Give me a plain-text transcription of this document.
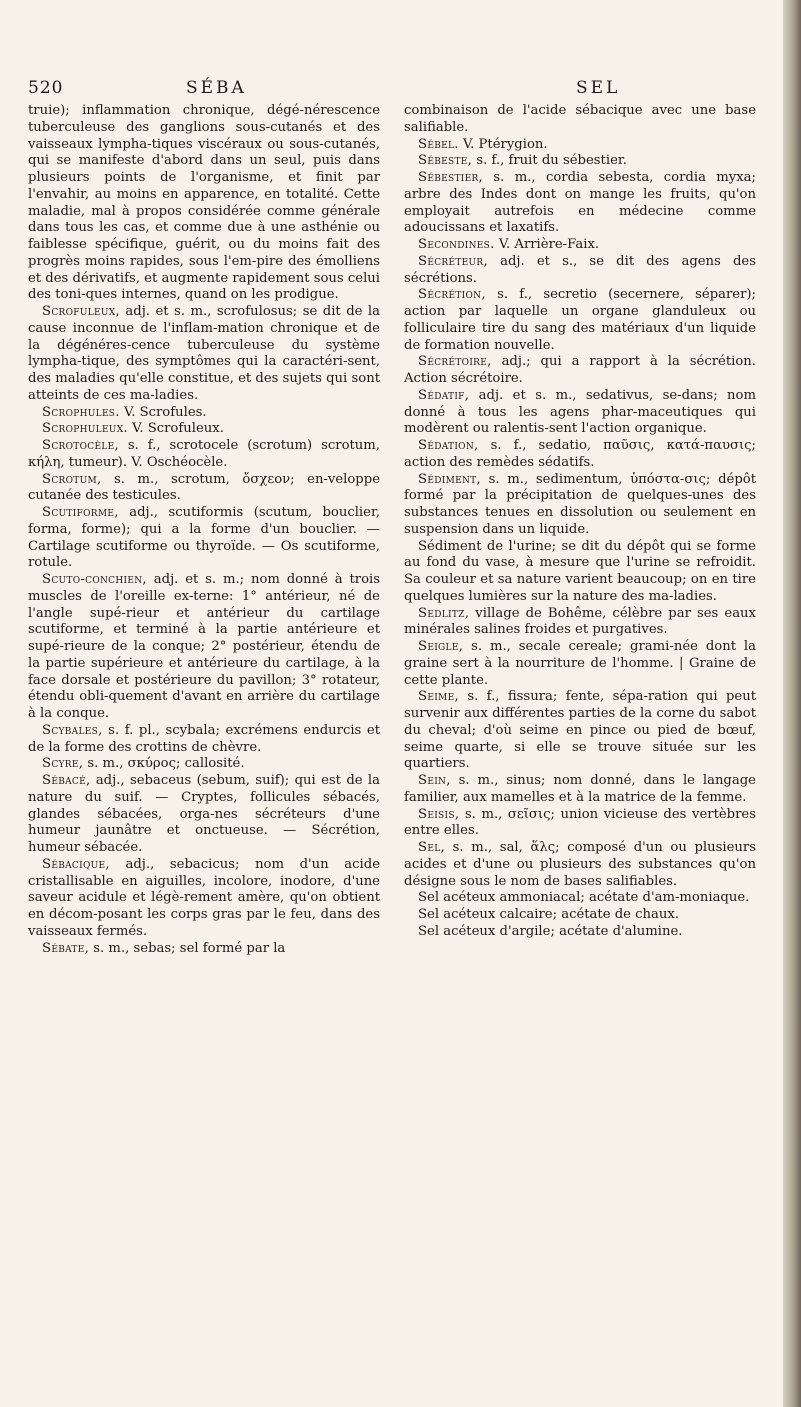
520	SÉBA	SEL

truie); inflammation chronique, dégé-nérescence tuberculeuse des ganglions sous-cutanés et des vaisseaux lympha-tiques viscéraux ou sous-cutanés, qui se manifeste d'abord dans un seul, puis dans plusieurs points de l'organisme, et finit par l'envahir, au moins en apparence, en totalité. Cette maladie, mal à propos considérée comme générale dans tous les cas, et comme due à une asthénie ou faiblesse spécifique, guérit, ou du moins fait des progrès moins rapides, sous l'em-pire des émolliens et des dérivatifs, et augmente rapidement sous celui des toni-ques internes, quand on les prodigue.

Scrofuleux, adj. et s. m., scrofulosus; se dit de la cause inconnue de l'inflam-mation chronique et de la dégénéres-cence tuberculeuse du système lympha-tique, des symptômes qui la caractéri-sent, des maladies qu'elle constitue, et des sujets qui sont atteints de ces ma-ladies.

Scrophules. V. Scrofules.

Scrophuleux. V. Scrofuleux.

Scrotocèle, s. f., scrotocele (scrotum) scrotum, κήλη, tumeur). V. Oschéocèle.

Scrotum, s. m., scrotum, ὄσχεον; en-veloppe cutanée des testicules.

Scutiforme, adj., scutiformis (scutum, bouclier, forma, forme); qui a la forme d'un bouclier. — Cartilage scutiforme ou thyroïde. — Os scutiforme, rotule.

Scuto-conchien, adj. et s. m.; nom donné à trois muscles de l'oreille ex-terne: 1° antérieur, né de l'angle supé-rieur et antérieur du cartilage scutiforme, et terminé à la partie antérieure et supé-rieure de la conque; 2° postérieur, étendu de la partie supérieure et antérieure du cartilage, à la face dorsale et postérieure du pavillon; 3° rotateur, étendu obli-quement d'avant en arrière du cartilage à la conque.

Scybales, s. f. pl., scybala; excrémens endurcis et de la forme des crottins de chèvre.

Scyre, s. m., σκύρος; callosité.

Sébacé, adj., sebaceus (sebum, suif); qui est de la nature du suif. — Cryptes, follicules sébacés, glandes sébacées, orga-nes sécréteurs d'une humeur jaunâtre et onctueuse. — Sécrétion, humeur sébacée.

Sébacique, adj., sebacicus; nom d'un acide cristallisable en aiguilles, incolore, inodore, d'une saveur acidule et légè-rement amère, qu'on obtient en décom-posant les corps gras par le feu, dans des vaisseaux fermés.

Sébate, s. m., sebas; sel formé par la

combinaison de l'acide sébacique avec une base salifiable.

Sébel. V. Ptérygion.

Sébeste, s. f., fruit du sébestier.

Sébestier, s. m., cordia sebesta, cordia myxa; arbre des Indes dont on mange les fruits, qu'on employait autrefois en médecine comme adoucissans et laxatifs.

Secondines. V. Arrière-Faix.

Sécréteur, adj. et s., se dit des agens des sécrétions.

Sécrétion, s. f., secretio (secernere, séparer); action par laquelle un organe glanduleux ou folliculaire tire du sang des matériaux d'un liquide de formation nouvelle.

Sécrétoire, adj.; qui a rapport à la sécrétion. Action sécrétoire.

Sédatif, adj. et s. m., sedativus, se-dans; nom donné à tous les agens phar-maceutiques qui modèrent ou ralentis-sent l'action organique.

Sédation, s. f., sedatio, παῦσις, κατά-παυσις; action des remèdes sédatifs.

Sédiment, s. m., sedimentum, ὑπόστα-σις; dépôt formé par la précipitation de quelques-unes des substances tenues en dissolution ou seulement en suspension dans un liquide.

Sédiment de l'urine; se dit du dépôt qui se forme au fond du vase, à mesure que l'urine se refroidit. Sa couleur et sa nature varient beaucoup; on en tire quelques lumières sur la nature des ma-ladies.

Sedlitz, village de Bohême, célèbre par ses eaux minérales salines froides et purgatives.

Seigle, s. m., secale cereale; grami-née dont la graine sert à la nourriture de l'homme. | Graine de cette plante.

Seime, s. f., fissura; fente, sépa-ration qui peut survenir aux différentes parties de la corne du sabot du cheval; d'où seime en pince ou pied de bœuf, seime quarte, si elle se trouve située sur les quartiers.

Sein, s. m., sinus; nom donné, dans le langage familier, aux mamelles et à la matrice de la femme.

Seisis, s. m., σεῖσις; union vicieuse des vertèbres entre elles.

Sel, s. m., sal, ἅλς; composé d'un ou plusieurs acides et d'une ou plusieurs des substances qu'on désigne sous le nom de bases salifiables.

Sel acéteux ammoniacal; acétate d'am-moniaque.

Sel acéteux calcaire; acétate de chaux.

Sel acéteux d'argile; acétate d'alumine.
